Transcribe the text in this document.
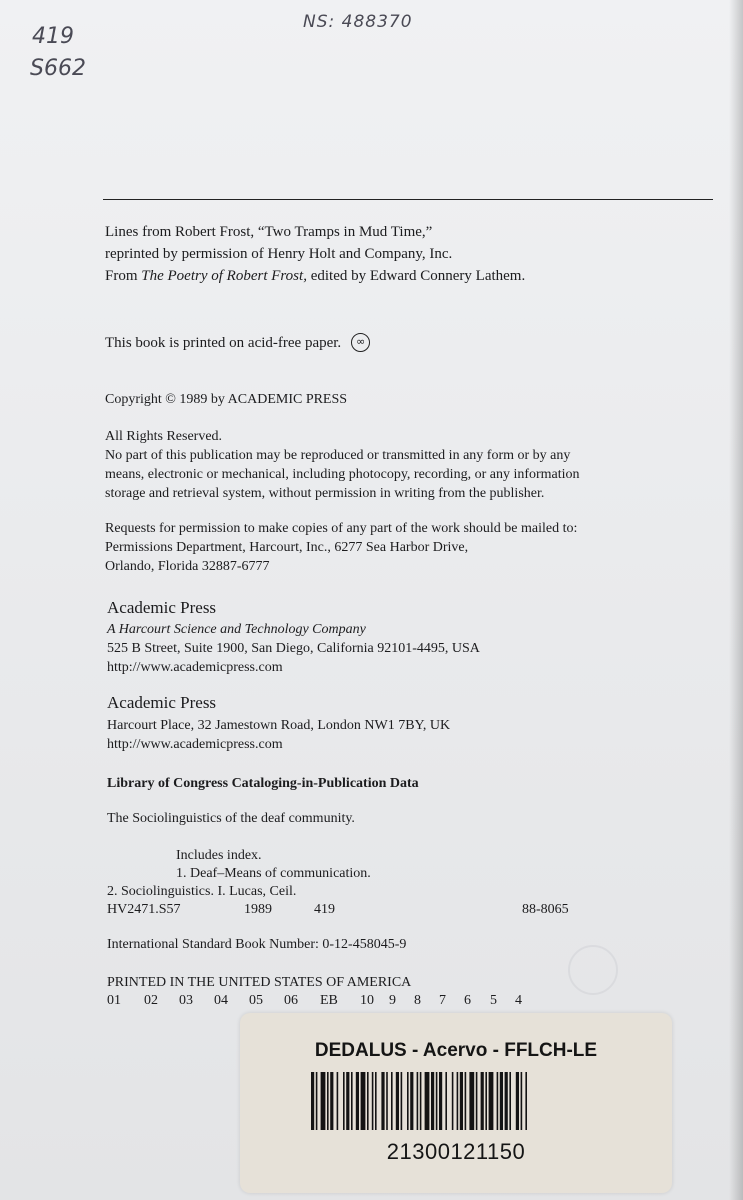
419
S662
NS: 488370
Lines from Robert Frost, “Two Tramps in Mud Time,”
reprinted by permission of Henry Holt and Company, Inc.
From The Poetry of Robert Frost, edited by Edward Connery Lathem.
This book is printed on acid-free paper. ∞
Copyright © 1989 by ACADEMIC PRESS
All Rights Reserved.
No part of this publication may be reproduced or transmitted in any form or by any
means, electronic or mechanical, including photocopy, recording, or any information
storage and retrieval system, without permission in writing from the publisher.
Requests for permission to make copies of any part of the work should be mailed to:
Permissions Department, Harcourt, Inc., 6277 Sea Harbor Drive,
Orlando, Florida 32887-6777
Academic Press
A Harcourt Science and Technology Company
525 B Street, Suite 1900, San Diego, California 92101-4495, USA
http://www.academicpress.com
Academic Press
Harcourt Place, 32 Jamestown Road, London NW1 7BY, UK
http://www.academicpress.com
Library of Congress Cataloging-in-Publication Data
The Sociolinguistics of the deaf community.
Includes index.
1. Deaf–Means of communication.
2. Sociolinguistics. I. Lucas, Ceil.
HV2471.S57	1989	419	88-8065
International Standard Book Number: 0-12-458045-9
PRINTED IN THE UNITED STATES OF AMERICA
01 02 03 04 05 06 EB 10 9 8 7 6 5 4
DEDALUS - Acervo - FFLCH-LE
21300121150
